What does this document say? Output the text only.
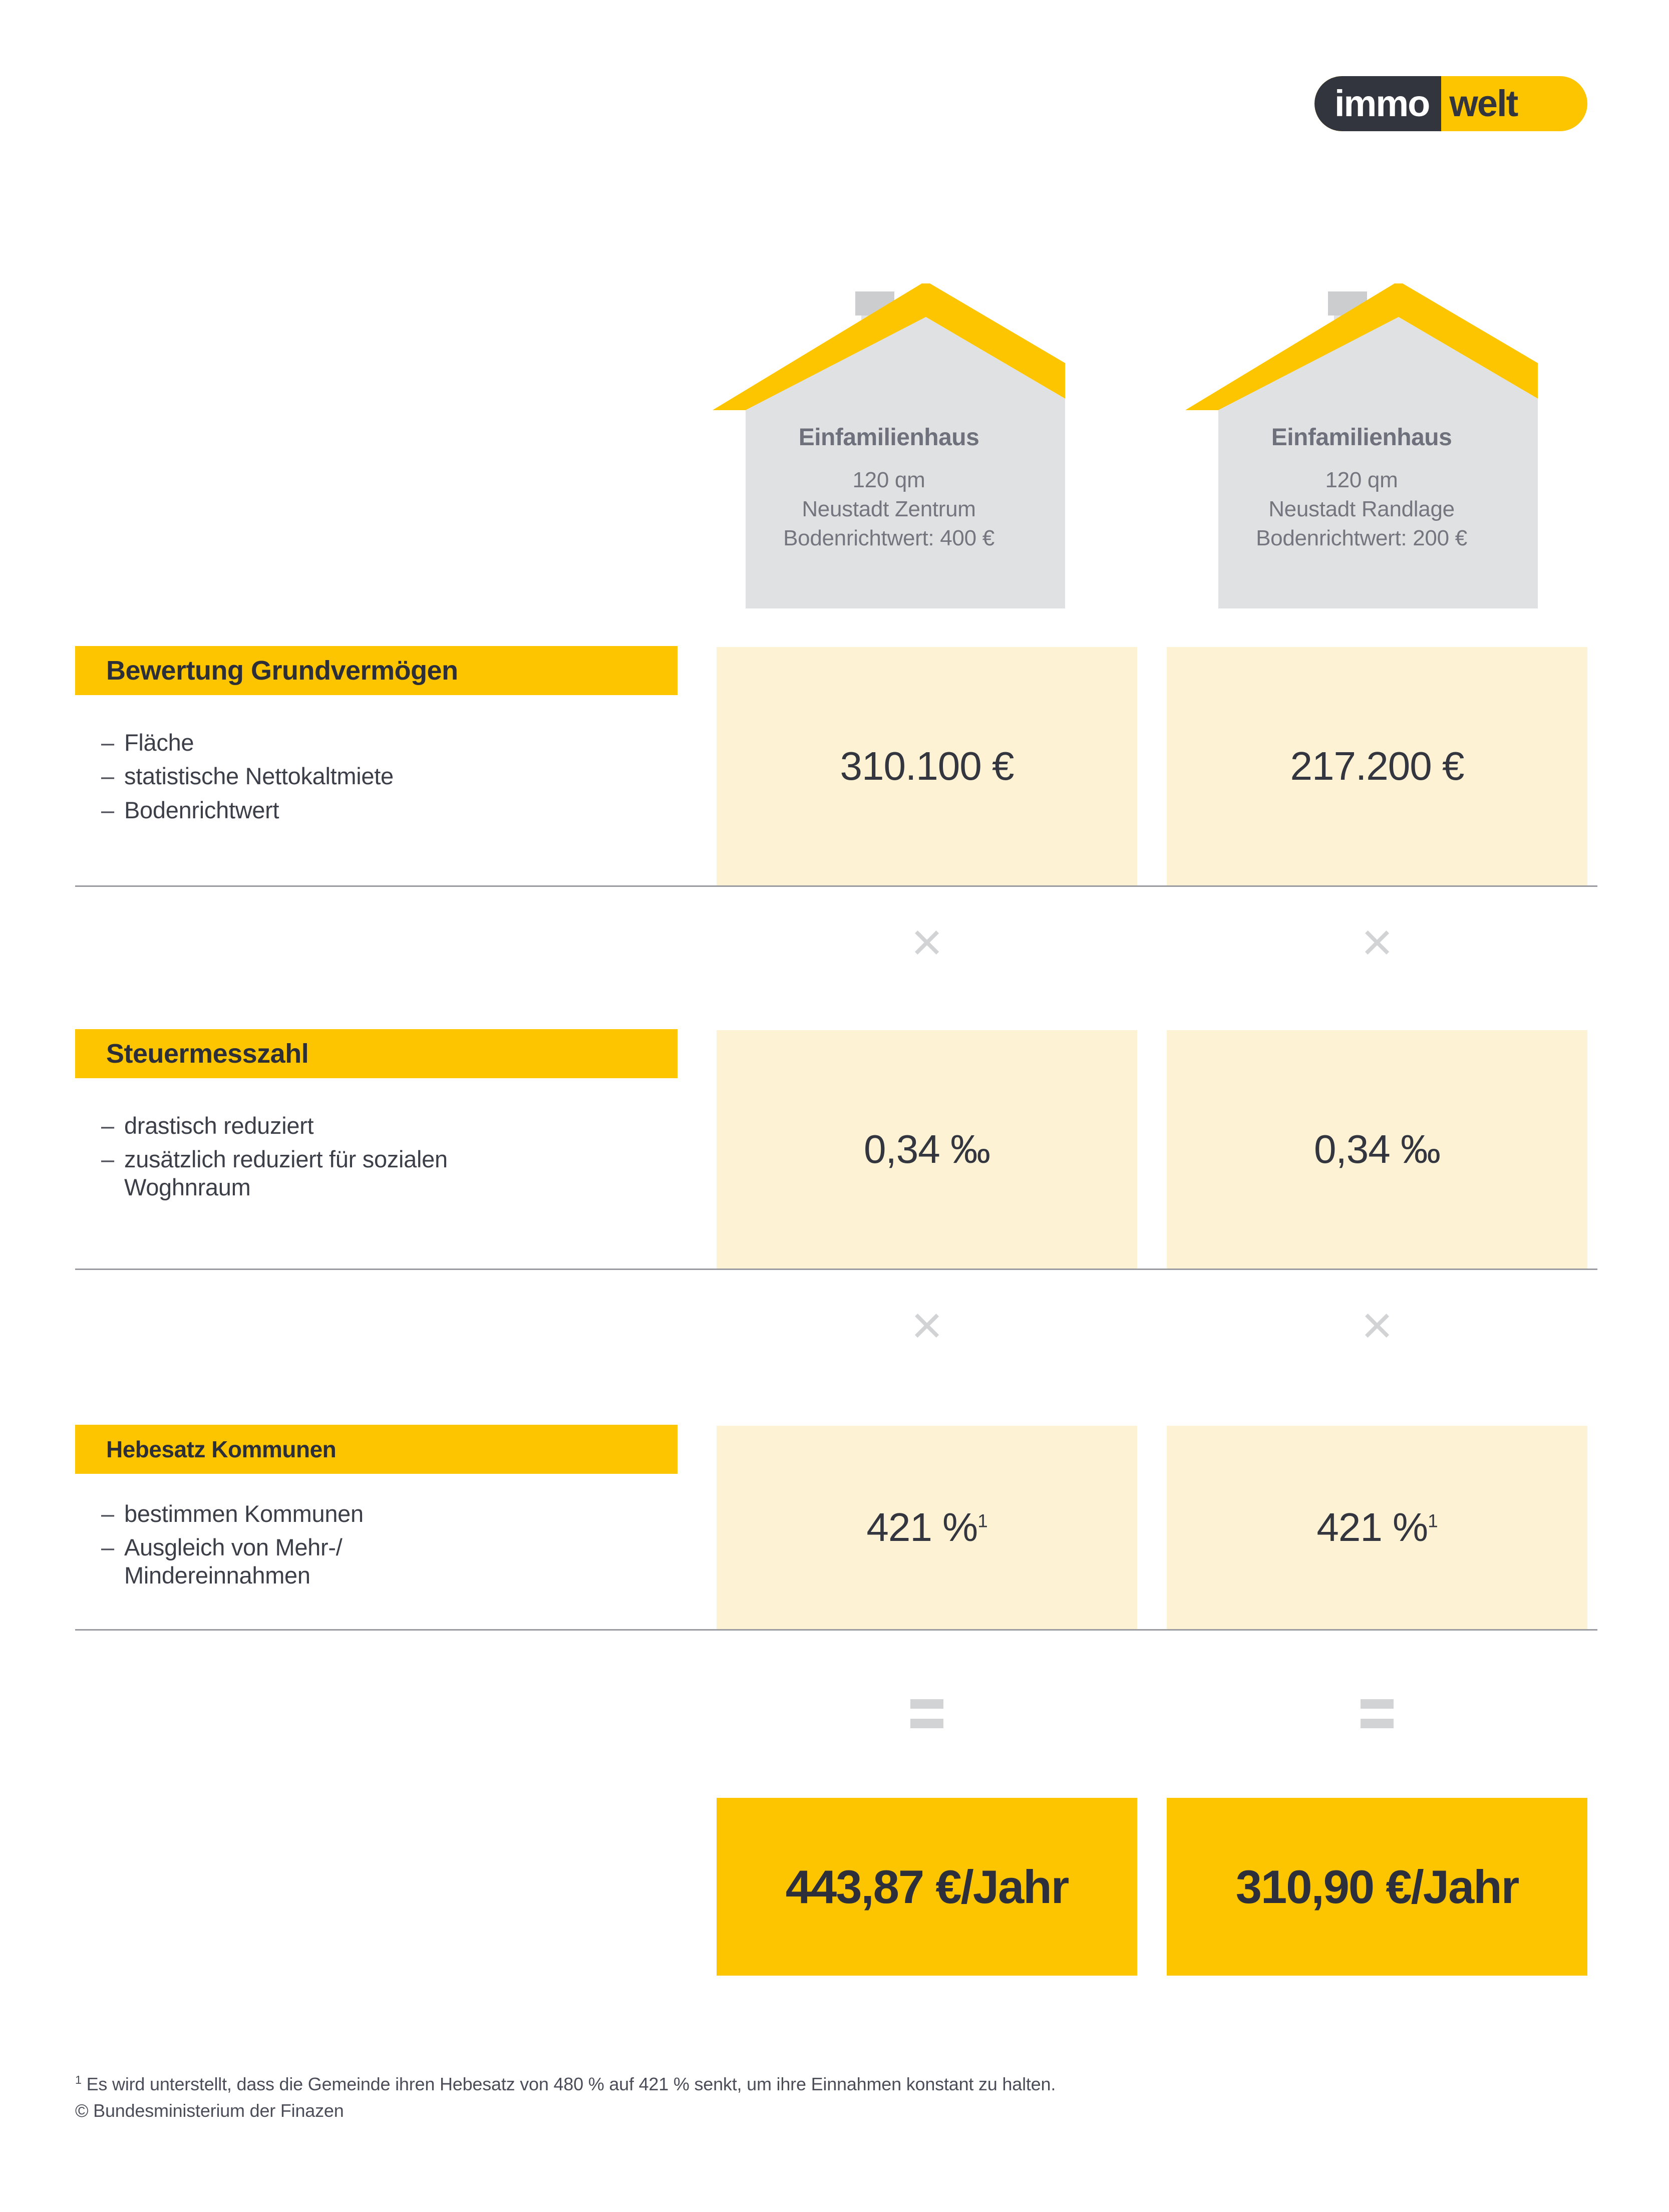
immo welt
Einfamilienhaus
120 qm
Neustadt Zentrum
Bodenrichtwert: 400 €
Einfamilienhaus
120 qm
Neustadt Randlage
Bodenrichtwert: 200 €
Bewertung Grundvermögen
– Fläche
– statistische Nettokaltmiete
– Bodenrichtwert
310.100 €	217.200 €
×	×
Steuermesszahl
– drastisch reduziert
– zusätzlich reduziert für sozialen Woghnraum
0,34 ‰	0,34 ‰
×	×
Hebesatz Kommunen
– bestimmen Kommunen
– Ausgleich von Mehr-/ Mindereinnahmen
421 %$^1$	421 %$^1$
443,87 €/Jahr	310,90 €/Jahr
$^1$ Es wird unterstellt, dass die Gemeinde ihren Hebesatz von 480 % auf 421 % senkt, um ihre Einnahmen konstant zu halten.
© Bundesministerium der Finazen
